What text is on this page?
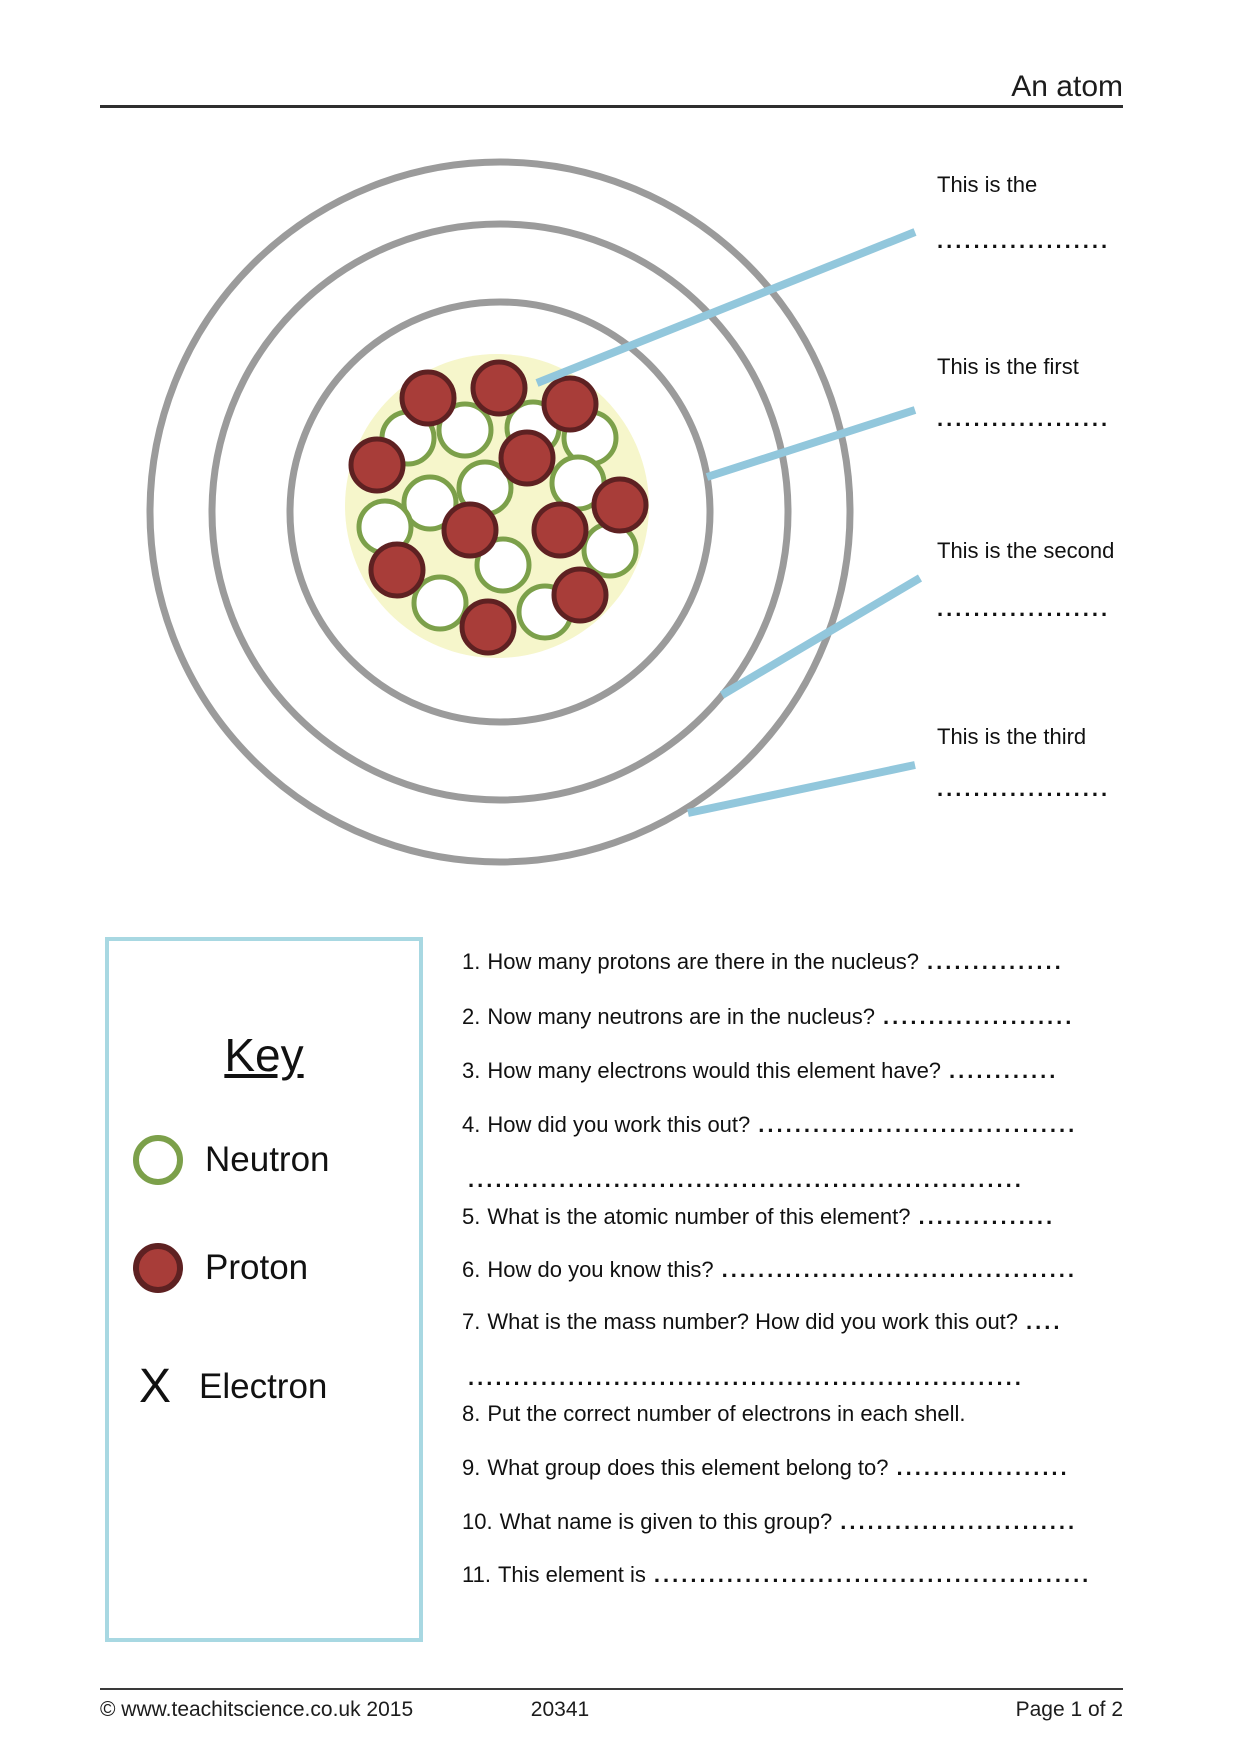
An atom
This is the
...................
This is the first
...................
This is the second
...................
This is the third
...................
Key
Neutron
Proton
X Electron
1. How many protons are there in the nucleus? ...............
2. Now many neutrons are in the nucleus? .....................
3. How many electrons would this element have? ............
4. How did you work this out? ...................................
.............................................................
5. What is the atomic number of this element? ...............
6. How do you know this? .......................................
7. What is the mass number? How did you work this out? ....
.............................................................
8. Put the correct number of electrons in each shell.
9. What group does this element belong to? ...................
10. What name is given to this group? ..........................
11. This element is ................................................
© www.teachitscience.co.uk 2015	20341	Page 1 of 2
